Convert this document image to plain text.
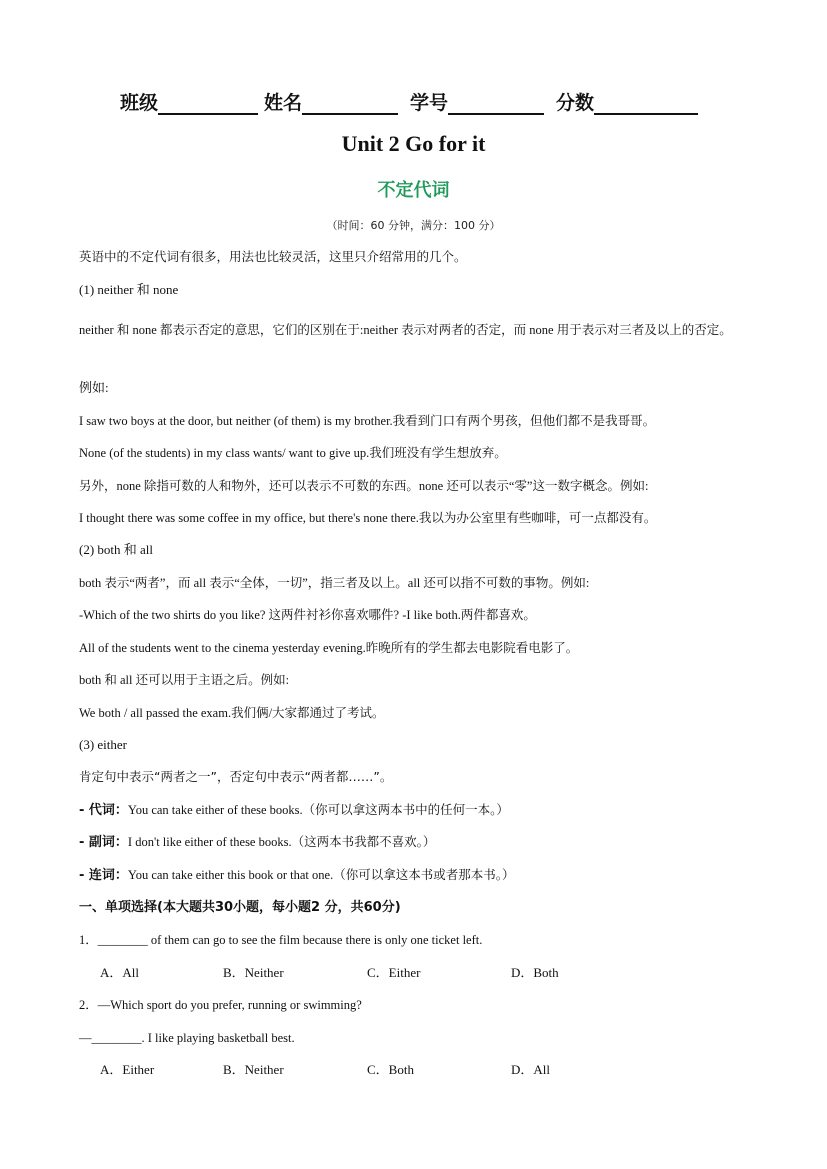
班级	姓名	学号	分数
Unit 2 Go for it
不定代词
（时间：60 分钟，满分：100 分）
英语中的不定代词有很多，用法也比较灵活，这里只介绍常用的几个。
(1) neither 和 none
neither 和 none 都表示否定的意思，它们的区别在于:neither 表示对两者的否定，而 none 用于表示对三者及以上的否定。
例如:
I saw two boys at the door, but neither (of them) is my brother.我看到门口有两个男孩，但他们都不是我哥哥。
None (of the students) in my class wants/ want to give up.我们班没有学生想放弃。
另外，none 除指可数的人和物外，还可以表示不可数的东西。none 还可以表示“零”这一数字概念。例如:
I thought there was some coffee in my office, but there's none there.我以为办公室里有些咖啡，可一点都没有。
(2) both 和 all
both 表示“两者”，而 all 表示“全体，一切”，指三者及以上。all 还可以指不可数的事物。例如:
-Which of the two shirts do you like? 这两件衬衫你喜欢哪件? -I like both.两件都喜欢。
All of the students went to the cinema yesterday evening.昨晚所有的学生都去电影院看电影了。
both 和 all 还可以用于主语之后。例如:
We both / all passed the exam.我们俩/大家都通过了考试。
(3) either
肯定句中表示“两者之一”，否定句中表示“两者都……”。
- 代词：You can take either of these books.（你可以拿这两本书中的任何一本。）
- 副词：I don't like either of these books.（这两本书我都不喜欢。）
- 连词：You can take either this book or that one.（你可以拿这本书或者那本书。）
一、单项选择(本大题共30小题，每小题2 分，共60分)
1．________ of them can go to see the film because there is only one ticket left.
A．All	B．Neither	C．Either	D．Both
2．—Which sport do you prefer, running or swimming?
—________. I like playing basketball best.
A．Either	B．Neither	C．Both	D．All
